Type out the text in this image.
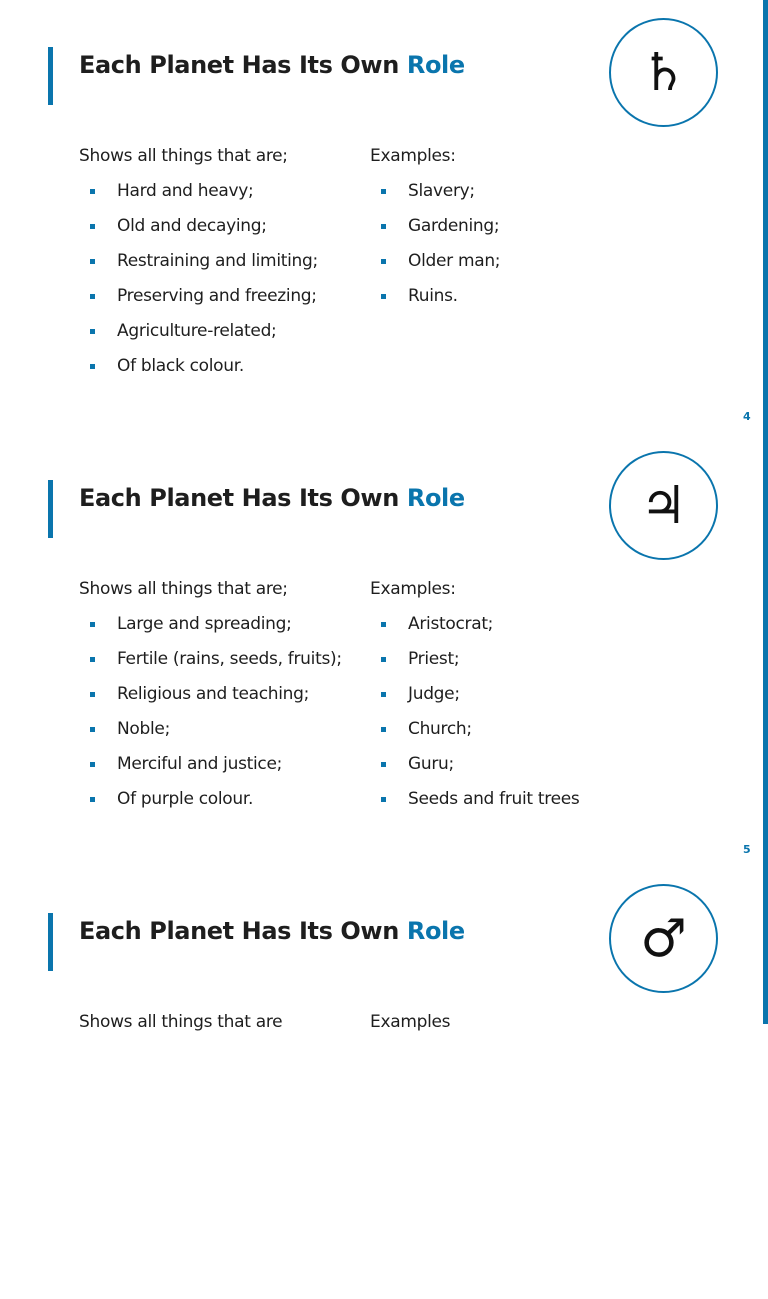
Each Planet Has Its Own Role	♄

Shows all things that are;

Hard and heavy;
Old and decaying;
Restraining and limiting;
Preserving and freezing;
Agriculture-related;
Of black colour.

Examples:

Slavery;
Gardening;
Older man;
Ruins.
4
Each Planet Has Its Own Role	♃

Shows all things that are;

Large and spreading;
Fertile (rains, seeds, fruits);
Religious and teaching;
Noble;
Merciful and justice;
Of purple colour.

Examples:

Aristocrat;
Priest;
Judge;
Church;
Guru;
Seeds and fruit trees
5
Each Planet Has Its Own Role	♂

Shows all things that are	Examples
